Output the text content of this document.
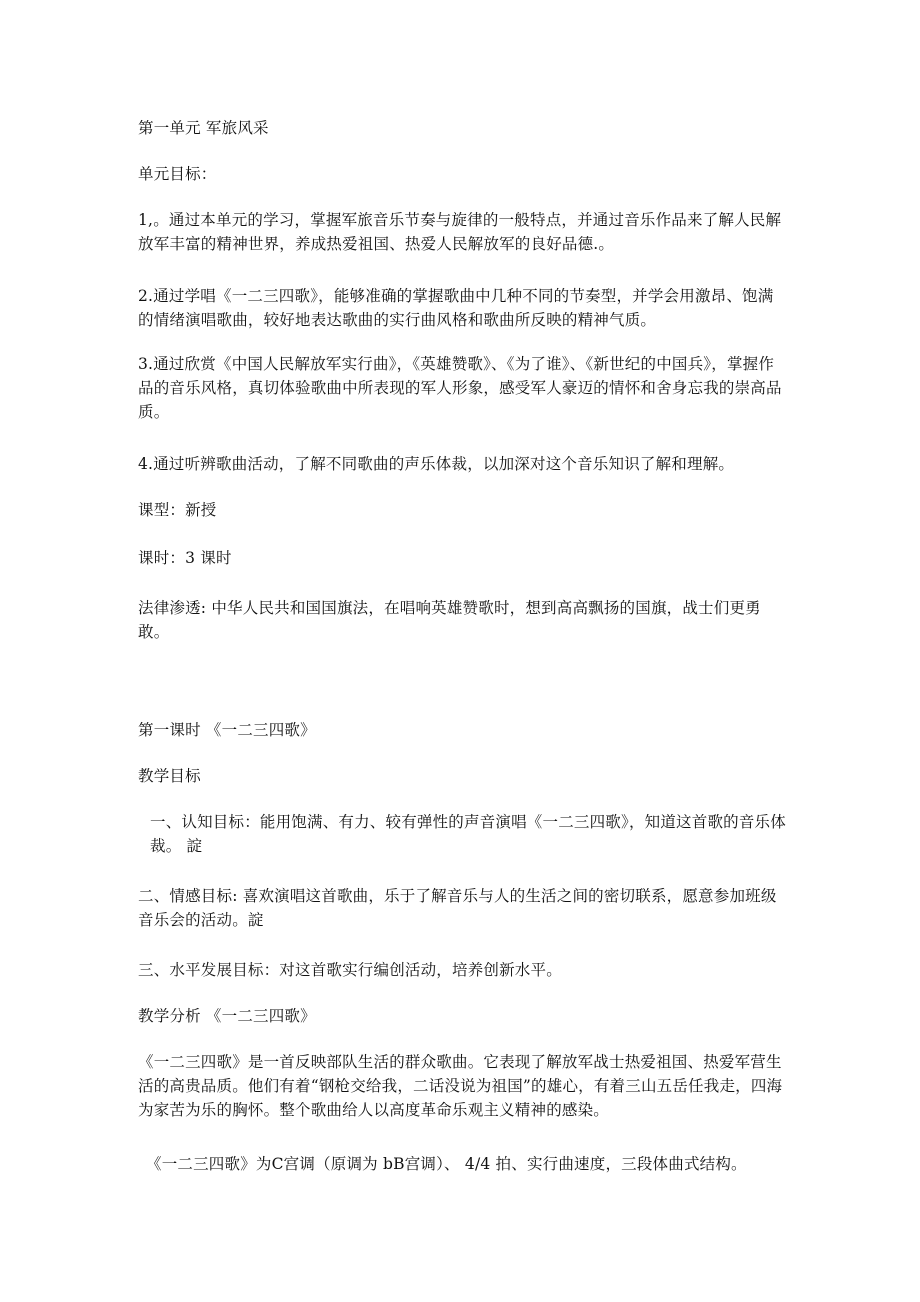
第一单元 军旅风采

单元目标：

1,。通过本单元的学习，掌握军旅音乐节奏与旋律的一般特点，并通过音乐作品来了解人民解放军丰富的精神世界，养成热爱祖国、热爱人民解放军的良好品德.。

2.通过学唱《一二三四歌》，能够准确的掌握歌曲中几种不同的节奏型，并学会用激昂、饱满的情绪演唱歌曲，较好地表达歌曲的实行曲风格和歌曲所反映的精神气质。

3.通过欣赏《中国人民解放军实行曲》，《英雄赞歌》、《为了谁》、《新世纪的中国兵》，掌握作品的音乐风格，真切体验歌曲中所表现的军人形象，感受军人豪迈的情怀和舍身忘我的崇高品质。

4.通过听辨歌曲活动，了解不同歌曲的声乐体裁，以加深对这个音乐知识了解和理解。

课型：新授

课时：3 课时

法律渗透: 中华人民共和国国旗法，在唱响英雄赞歌时，想到高高飘扬的国旗，战士们更勇敢。

第一课时 《一二三四歌》

教学目标

一、认知目标：能用饱满、有力、较有弹性的声音演唱《一二三四歌》，知道这首歌的音乐体裁。 諚

二、情感目标: 喜欢演唱这首歌曲，乐于了解音乐与人的生活之间的密切联系，愿意参加班级音乐会的活动。諚

三、水平发展目标：对这首歌实行编创活动，培养创新水平。

教学分析 《一二三四歌》

《一二三四歌》是一首反映部队生活的群众歌曲。它表现了解放军战士热爱祖国、热爱军营生活的高贵品质。他们有着“钢枪交给我，二话没说为祖国”的雄心，有着三山五岳任我走，四海为家苦为乐的胸怀。整个歌曲给人以高度革命乐观主义精神的感染。

《一二三四歌》为C宫调（原调为 bB宫调）、 4/4 拍、实行曲速度，三段体曲式结构。
